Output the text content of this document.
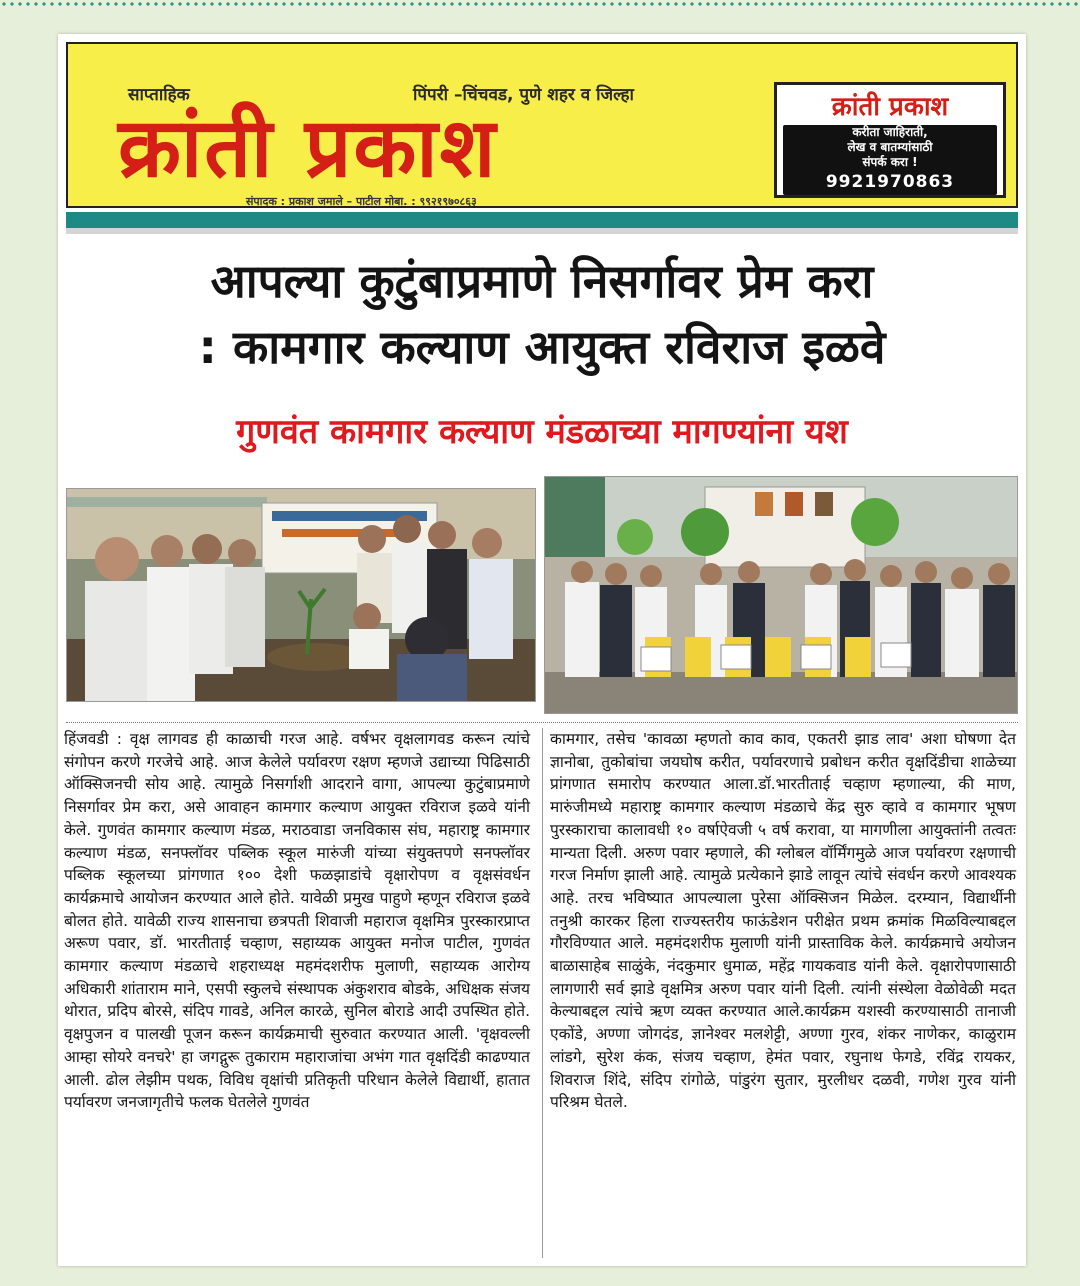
साप्ताहिक	पिंपरी –चिंचवड, पुणे शहर व जिल्हा
क्रांती प्रकाश
संपादक : प्रकाश जमाले – पाटील मोबा. : ९९२१९७०८६३
क्रांती प्रकाश
करीता जाहिराती,
लेख व बातम्यांसाठी
संपर्क करा !
9921970863
आपल्या कुटुंबाप्रमाणे निसर्गावर प्रेम करा
: कामगार कल्याण आयुक्त रविराज इळवे
गुणवंत कामगार कल्याण मंडळाच्या मागण्यांना यश
हिंजवडी : वृक्ष लागवड ही काळाची गरज आहे. वर्षभर वृक्षलागवड करून त्यांचे संगोपन करणे गरजेचे आहे. आज केलेले पर्यावरण रक्षण म्हणजे उद्याच्या पिढिसाठी ऑक्सिजनची सोय आहे. त्यामुळे निसर्गाशी आदराने वागा, आपल्या कुटुंबाप्रमाणे निसर्गावर प्रेम करा, असे आवाहन कामगार कल्याण आयुक्त रविराज इळवे यांनी केले. गुणवंत कामगार कल्याण मंडळ, मराठवाडा जनविकास संघ, महाराष्ट्र कामगार कल्याण मंडळ, सनफ्लॉवर पब्लिक स्कूल मारुंजी यांच्या संयुक्तपणे सनफ्लॉवर पब्लिक स्कूलच्या प्रांगणात १०० देशी फळझाडांचे वृक्षारोपण व वृक्षसंवर्धन कार्यक्रमाचे आयोजन करण्यात आले होते. यावेळी प्रमुख पाहुणे म्हणून रविराज इळवे बोलत होते. यावेळी राज्य शासनाचा छत्रपती शिवाजी महाराज वृक्षमित्र पुरस्कारप्राप्त अरूण पवार, डॉ. भारतीताई चव्हाण, सहाय्यक आयुक्त मनोज पाटील, गुणवंत कामगार कल्याण मंडळाचे शहराध्यक्ष महमंदशरीफ मुलाणी, सहाय्यक आरोग्य अधिकारी शांताराम माने, एसपी स्कुलचे संस्थापक अंकुशराव बोडके, अधिक्षक संजय थोरात, प्रदिप बोरसे, संदिप गावडे, अनिल कारळे, सुनिल बोराडे आदी उपस्थित होते. वृक्षपुजन व पालखी पूजन करून कार्यक्रमाची सुरुवात करण्यात आली. 'वृक्षवल्ली आम्हा सोयरे वनचरे' हा जगद्गुरू तुकाराम महाराजांचा अभंग गात वृक्षदिंडी काढण्यात आली. ढोल लेझीम पथक, विविध वृक्षांची प्रतिकृती परिधान केलेले विद्यार्थी, हातात पर्यावरण जनजागृतीचे फलक घेतलेले गुणवंत
कामगार, तसेच 'कावळा म्हणतो काव काव, एकतरी झाड लाव' अशा घोषणा देत ज्ञानोबा, तुकोबांचा जयघोष करीत, पर्यावरणाचे प्रबोधन करीत वृक्षदिंडीचा शाळेच्या प्रांगणात समारोप करण्यात आला.डॉ.भारतीताई चव्हाण म्हणाल्या, की माण, मारुंजीमध्ये महाराष्ट्र कामगार कल्याण मंडळाचे केंद्र सुरु व्हावे व कामगार भूषण पुरस्काराचा कालावधी १० वर्षाऐवजी ५ वर्ष करावा, या मागणीला आयुक्तांनी तत्वतः मान्यता दिली. अरुण पवार म्हणाले, की ग्लोबल वॉर्मिंगमुळे आज पर्यावरण रक्षणाची गरज निर्माण झाली आहे. त्यामुळे प्रत्येकाने झाडे लावून त्यांचे संवर्धन करणे आवश्यक आहे. तरच भविष्यात आपल्याला पुरेसा ऑक्सिजन मिळेल. दरम्यान, विद्यार्थीनी तनुश्री कारकर हिला राज्यस्तरीय फाऊंडेशन परीक्षेत प्रथम क्रमांक मिळविल्याबद्दल गौरविण्यात आले. महमंदशरीफ मुलाणी यांनी प्रास्ताविक केले. कार्यक्रमाचे अयोजन बाळासाहेब साळुंके, नंदकुमार धुमाळ, महेंद्र गायकवाड यांनी केले. वृक्षारोपणासाठी लागणारी सर्व झाडे वृक्षमित्र अरुण पवार यांनी दिली. त्यांनी संस्थेला वेळोवेळी मदत केल्याबद्दल त्यांचे ऋण व्यक्त करण्यात आले.कार्यक्रम यशस्वी करण्यासाठी तानाजी एकोंडे, अण्णा जोगदंड, ज्ञानेश्वर मलशेट्टी, अण्णा गुरव, शंकर नाणेकर, काळुराम लांडगे, सुरेश कंक, संजय चव्हाण, हेमंत पवार, रघुनाथ फेगडे, रविंद्र रायकर, शिवराज शिंदे, संदिप रांगोळे, पांडुरंग सुतार, मुरलीधर दळवी, गणेश गुरव यांनी परिश्रम घेतले.
